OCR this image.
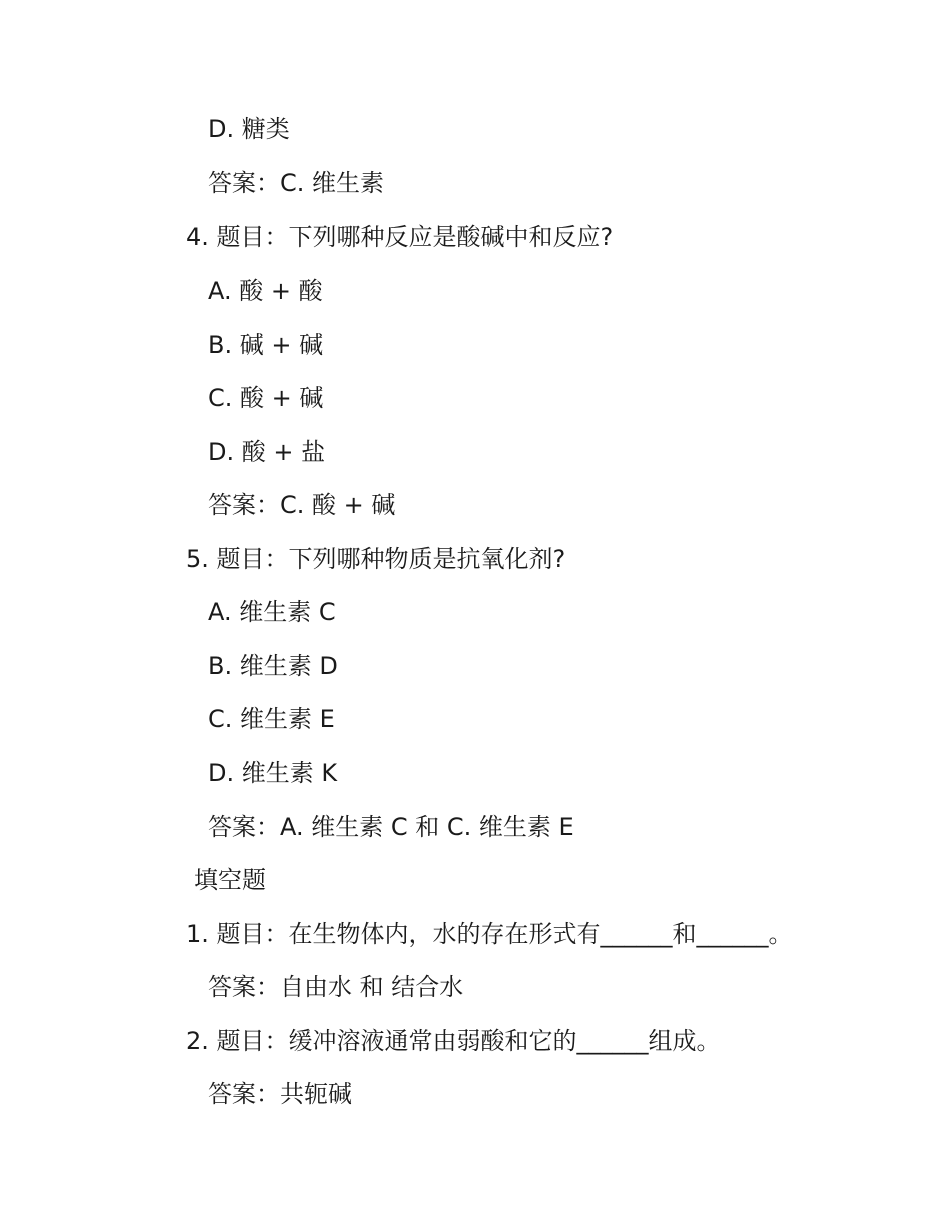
D. 糖类
答案：C. 维生素
4. 题目：下列哪种反应是酸碱中和反应?
A. 酸 + 酸
B. 碱 + 碱
C. 酸 + 碱
D. 酸 + 盐
答案：C. 酸 + 碱
5. 题目：下列哪种物质是抗氧化剂?
A. 维生素 C
B. 维生素 D
C. 维生素 E
D. 维生素 K
答案：A. 维生素 C 和 C. 维生素 E
填空题
1. 题目：在生物体内，水的存在形式有______和______。
答案：自由水 和 结合水
2. 题目：缓冲溶液通常由弱酸和它的______组成。
答案：共轭碱
